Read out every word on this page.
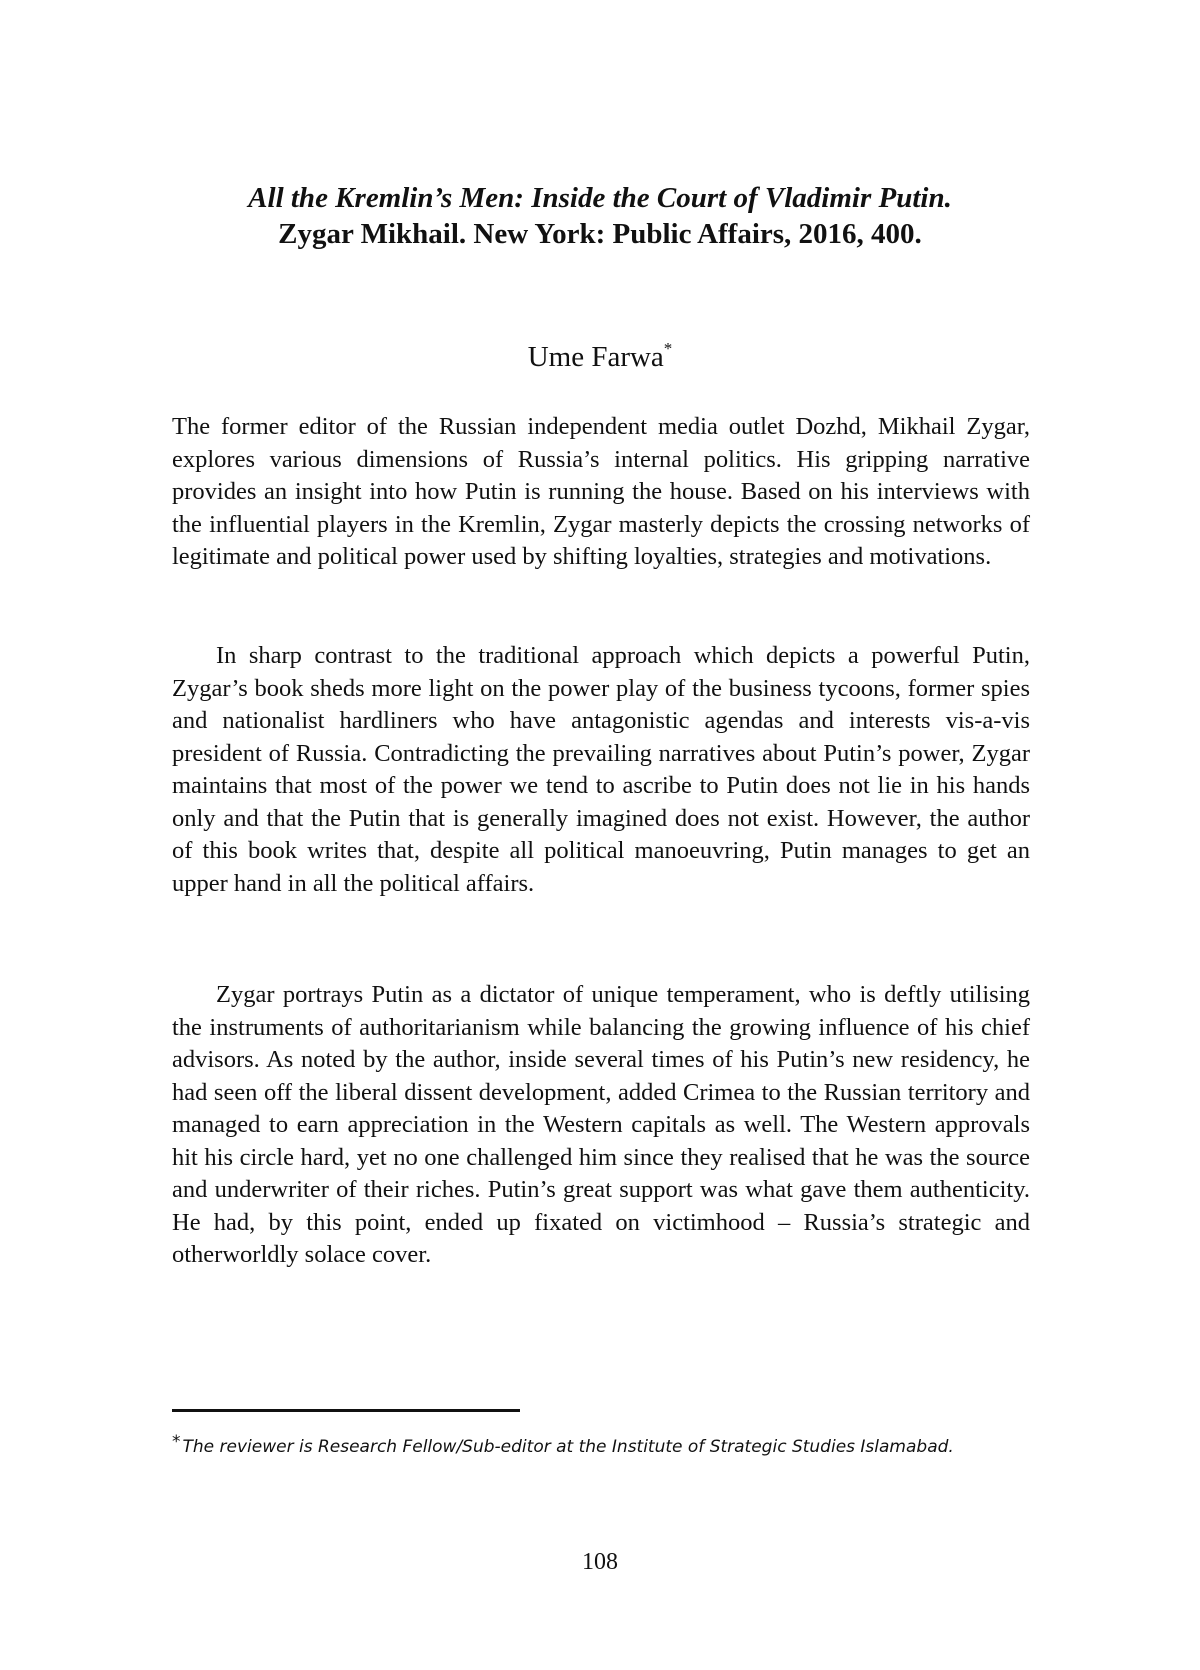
All the Kremlin’s Men: Inside the Court of Vladimir Putin.
Zygar Mikhail. New York: Public Affairs, 2016, 400.
Ume Farwa*

The former editor of the Russian independent media outlet Dozhd, Mikhail Zygar, explores various dimensions of Russia’s internal politics. His gripping narrative provides an insight into how Putin is running the house. Based on his interviews with the influential players in the Kremlin, Zygar masterly depicts the crossing networks of legitimate and political power used by shifting loyalties, strategies and motivations.

In sharp contrast to the traditional approach which depicts a powerful Putin, Zygar’s book sheds more light on the power play of the business tycoons, former spies and nationalist hardliners who have antagonistic agendas and interests vis-a-vis president of Russia. Contradicting the prevailing narratives about Putin’s power, Zygar maintains that most of the power we tend to ascribe to Putin does not lie in his hands only and that the Putin that is generally imagined does not exist. However, the author of this book writes that, despite all political manoeuvring, Putin manages to get an upper hand in all the political affairs.

Zygar portrays Putin as a dictator of unique temperament, who is deftly utilising the instruments of authoritarianism while balancing the growing influence of his chief advisors. As noted by the author, inside several times of his Putin’s new residency, he had seen off the liberal dissent development, added Crimea to the Russian territory and managed to earn appreciation in the Western capitals as well. The Western approvals hit his circle hard, yet no one challenged him since they realised that he was the source and underwriter of their riches. Putin’s great support was what gave them authenticity. He had, by this point, ended up fixated on victimhood – Russia’s strategic and otherworldly solace cover.

* The reviewer is Research Fellow/Sub-editor at the Institute of Strategic Studies Islamabad.

108
